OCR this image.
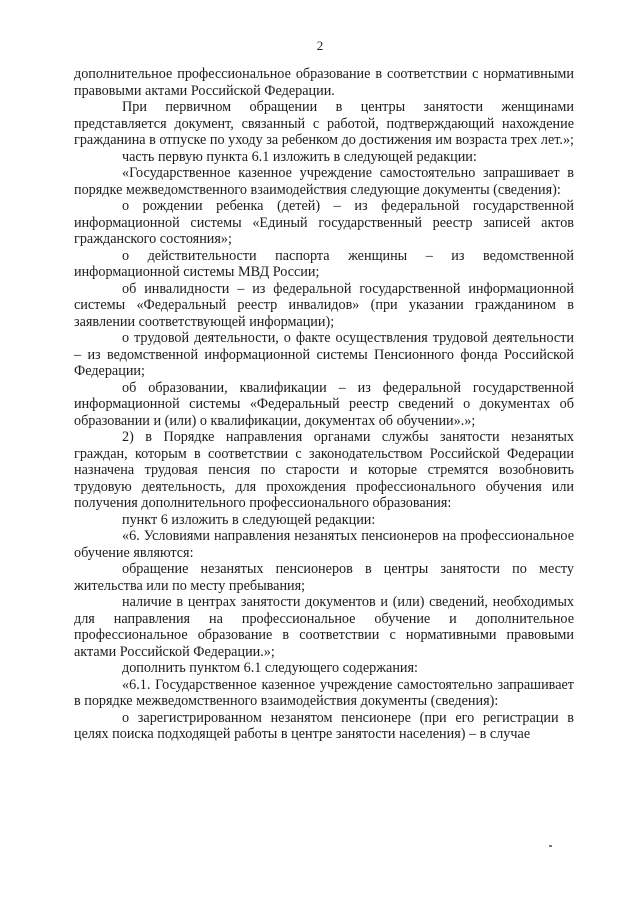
2

дополнительное профессиональное образование в соответствии с нормативными правовыми актами Российской Федерации.

При первичном обращении в центры занятости женщинами представляется документ, связанный с работой, подтверждающий нахождение гражданина в отпуске по уходу за ребенком до достижения им возраста трех лет.»;

часть первую пункта 6.1 изложить в следующей редакции:

«Государственное казенное учреждение самостоятельно запрашивает в порядке межведомственного взаимодействия следующие документы (сведения):

о рождении ребенка (детей) – из федеральной государственной информационной системы «Единый государственный реестр записей актов гражданского состояния»;

о действительности паспорта женщины – из ведомственной информационной системы МВД России;

об инвалидности – из федеральной государственной информационной системы «Федеральный реестр инвалидов» (при указании гражданином в заявлении соответствующей информации);

о трудовой деятельности, о факте осуществления трудовой деятельности – из ведомственной информационной системы Пенсионного фонда Российской Федерации;

об образовании, квалификации – из федеральной государственной информационной системы «Федеральный реестр сведений о документах об образовании и (или) о квалификации, документах об обучении».»;

2) в Порядке направления органами службы занятости незанятых граждан, которым в соответствии с законодательством Российской Федерации назначена трудовая пенсия по старости и которые стремятся возобновить трудовую деятельность, для прохождения профессионального обучения или получения дополнительного профессионального образования:

пункт 6 изложить в следующей редакции:

«6. Условиями направления незанятых пенсионеров на профессиональное обучение являются:

обращение незанятых пенсионеров в центры занятости по месту жительства или по месту пребывания;

наличие в центрах занятости документов и (или) сведений, необходимых для направления на профессиональное обучение и дополнительное профессиональное образование в соответствии с нормативными правовыми актами Российской Федерации.»;

дополнить пунктом 6.1 следующего содержания:

«6.1. Государственное казенное учреждение самостоятельно запрашивает в порядке межведомственного взаимодействия документы (сведения):

о зарегистрированном незанятом пенсионере (при его регистрации в целях поиска подходящей работы в центре занятости населения) – в случае
